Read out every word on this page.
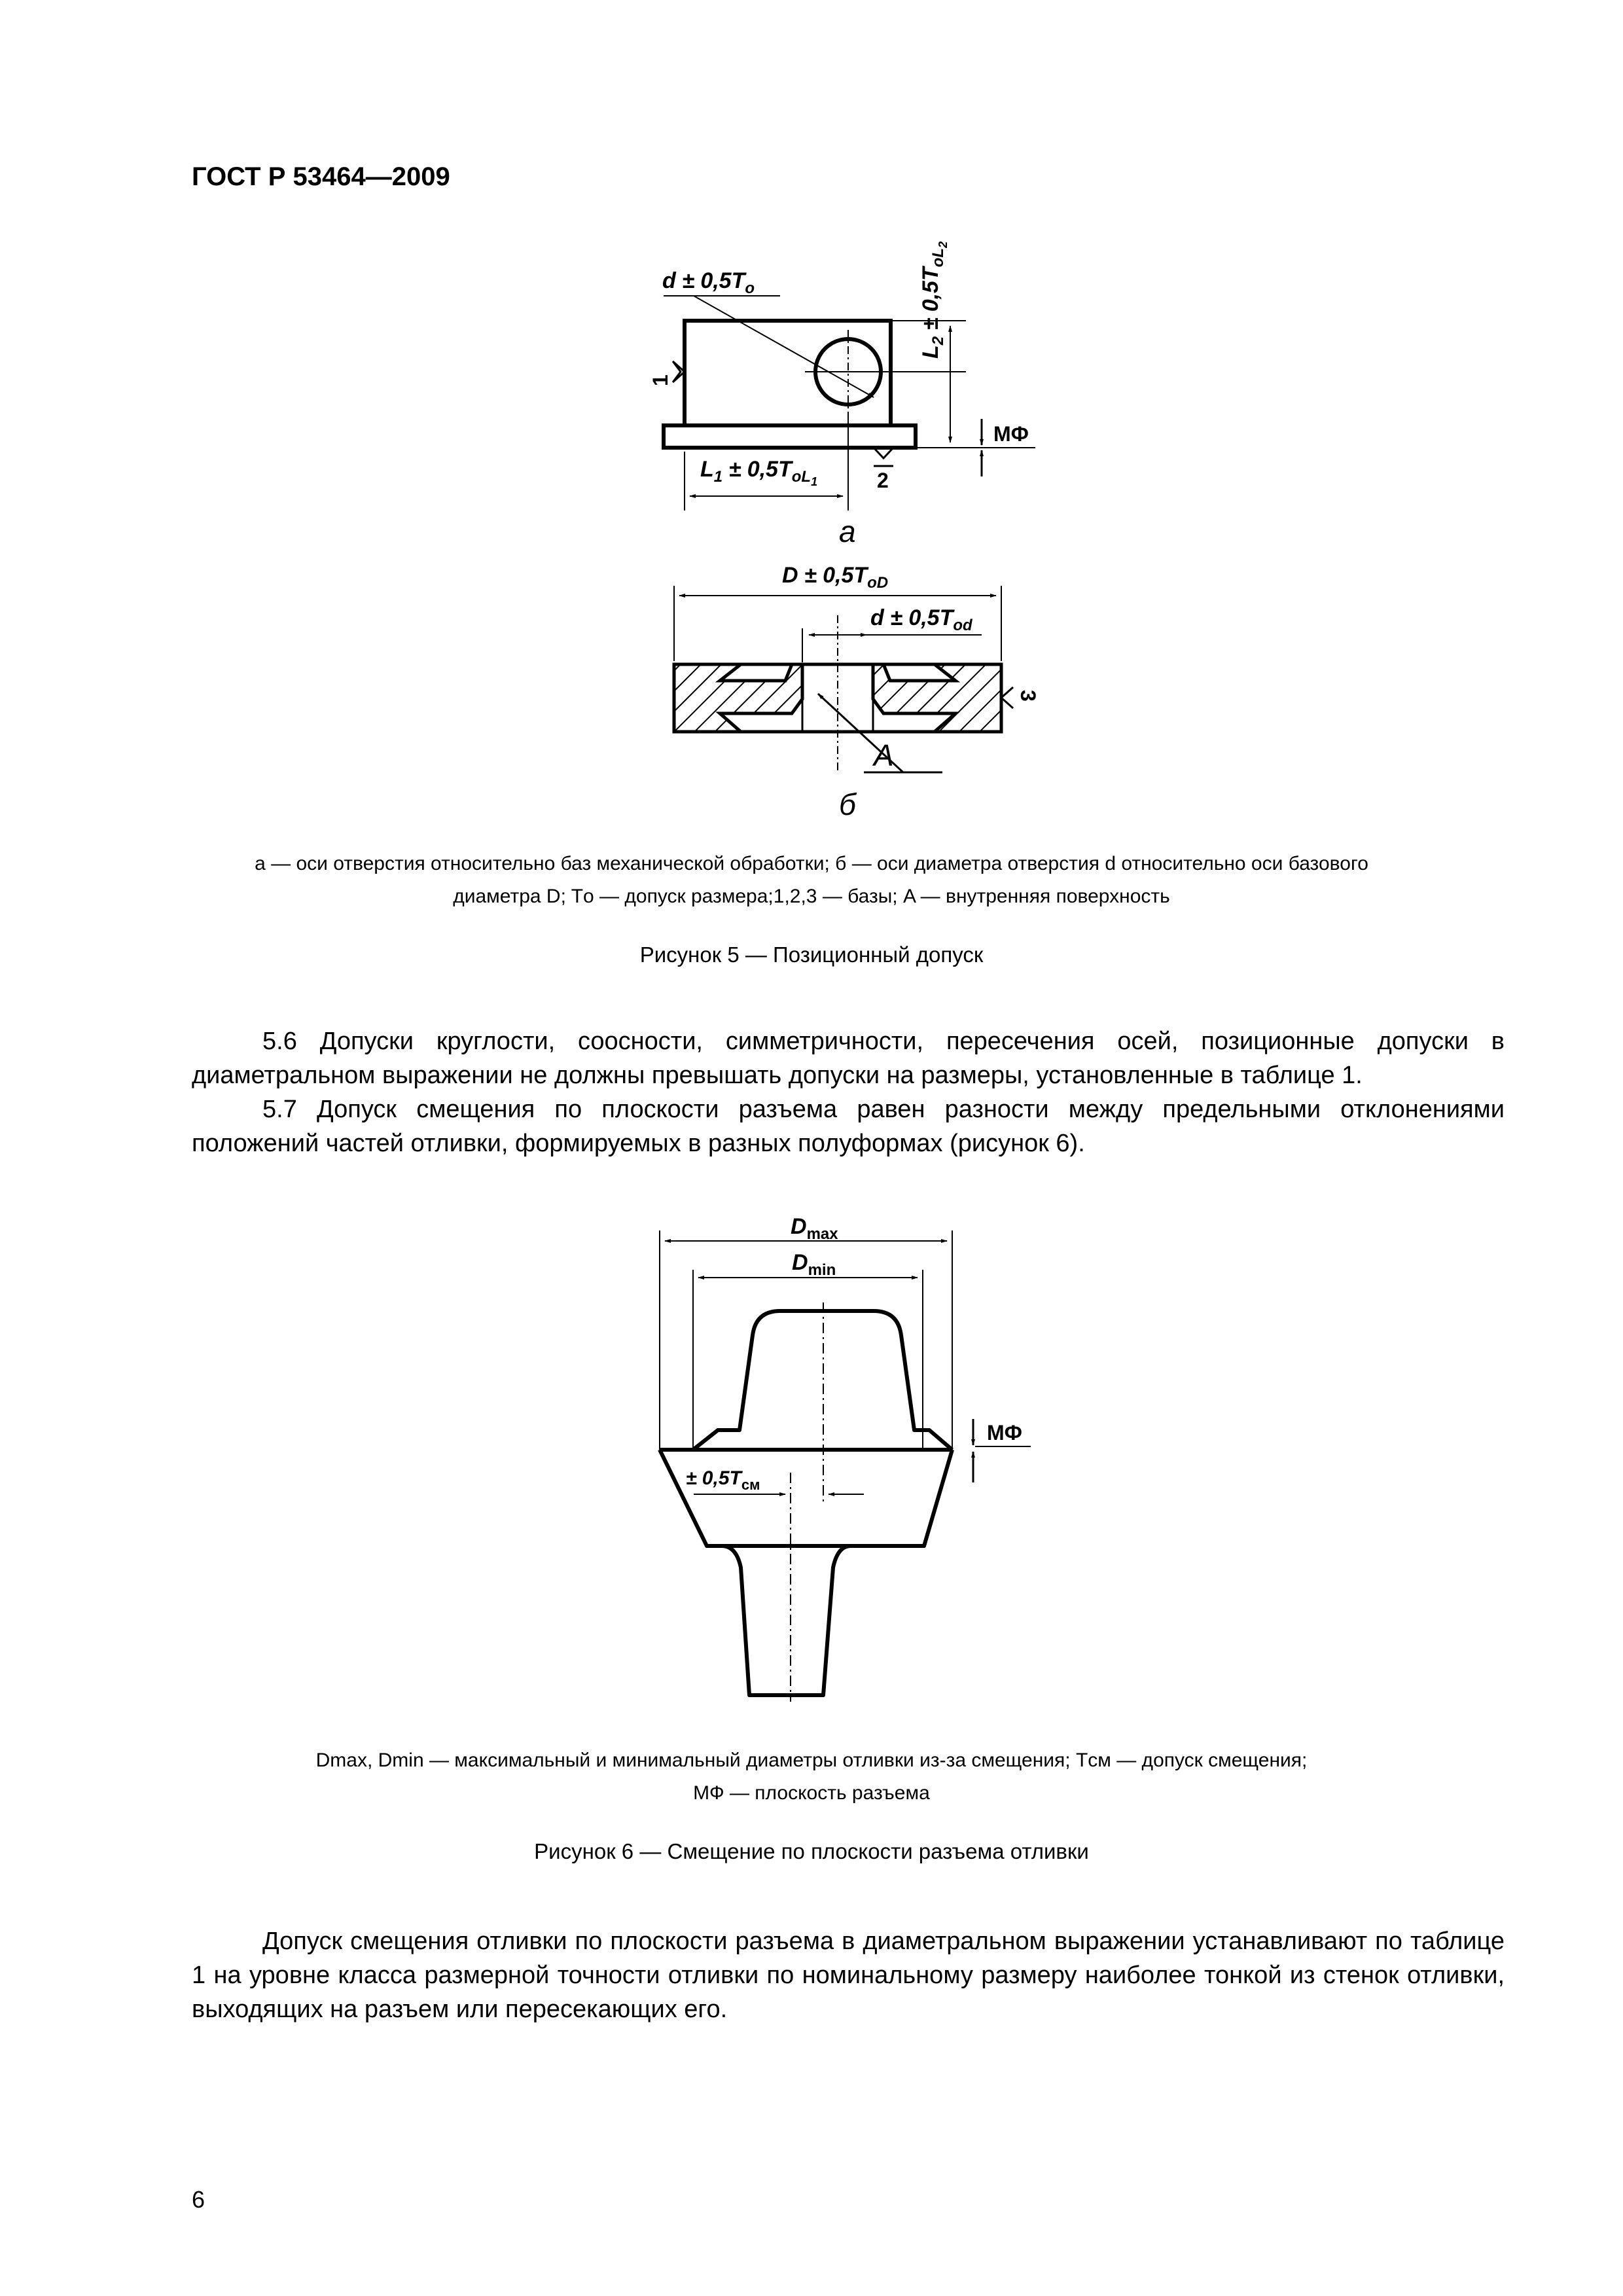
ГОСТ Р 53464—2009
$d \pm 0,5T_о$
$L_2 \pm 0,5T_oL2$
$L_1 \pm 0,5T_oL1$
1
2
МФ
а
$D \pm 0,5T_{oD}$
$d \pm 0,5T_{od}$
A
3
б
а — оси отверстия относительно баз механической обработки; б — оси диаметра отверстия d относительно оси базового
диаметра D; Tо — допуск размера;1,2,3 — базы; A — внутренняя поверхность
Рисунок 5 — Позиционный допуск
5.6 Допуски круглости, соосности, симметричности, пересечения осей, позиционные допуски в диаметральном выражении не должны превышать допуски на размеры, установленные в таблице 1.
5.7 Допуск смещения по плоскости разъема равен разности между предельными отклонениями положений частей отливки, формируемых в разных полуформах (рисунок 6).
$D_{max}$
$D_{min}$
± $0,5T_{см}$
МФ
Dmax, Dmin — максимальный и минимальный диаметры отливки из-за смещения; Tсм — допуск смещения;
МФ — плоскость разъема
Рисунок 6 — Смещение по плоскости разъема отливки
Допуск смещения отливки по плоскости разъема в диаметральном выражении устанавливают по таблице 1 на уровне класса размерной точности отливки по номинальному размеру наиболее тонкой из стенок отливки, выходящих на разъем или пересекающих его.
6
